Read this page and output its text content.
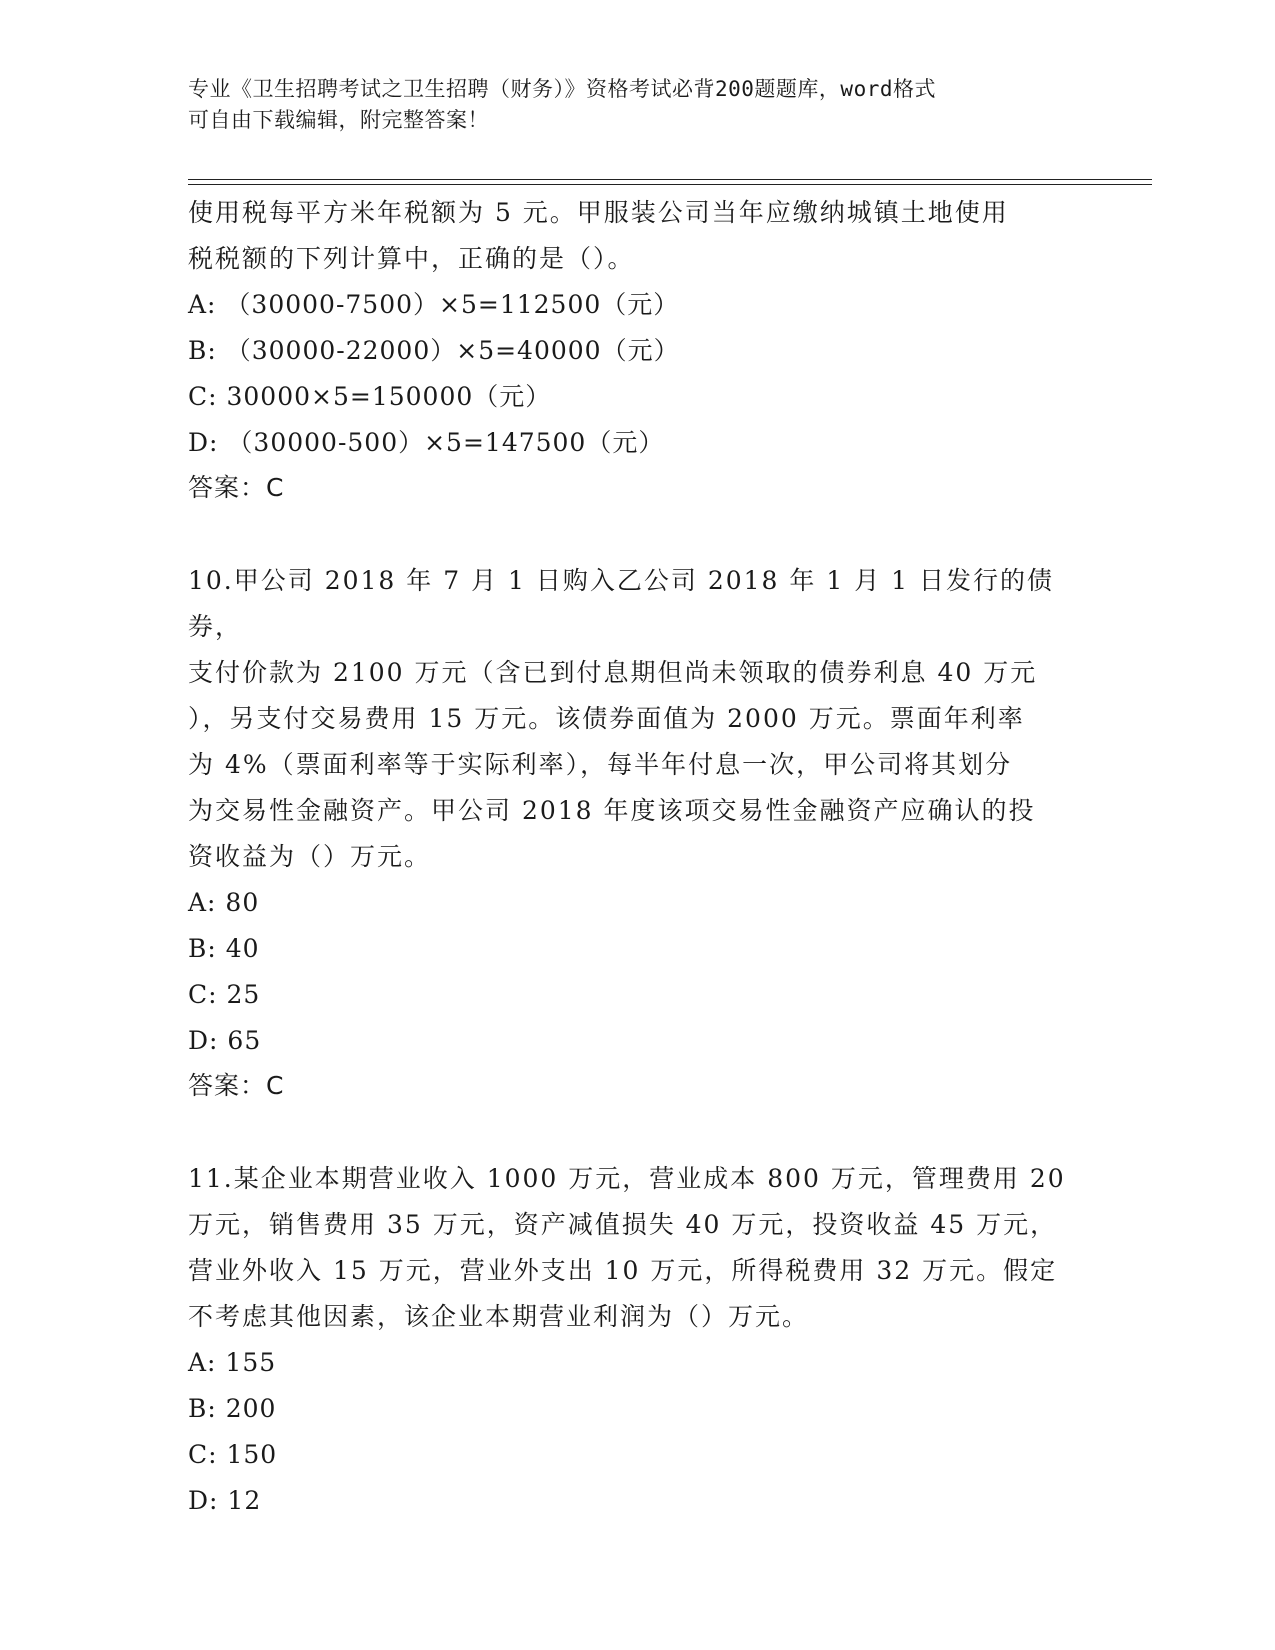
专业《卫生招聘考试之卫生招聘（财务）》资格考试必背200题题库，word格式
可自由下载编辑，附完整答案！

使用税每平方米年税额为 5 元。甲服装公司当年应缴纳城镇土地使用

税税额的下列计算中，正确的是（）。

A: （30000-7500）×5=112500（元）

B: （30000-22000）×5=40000（元）

C: 30000×5=150000（元）

D: （30000-500）×5=147500（元）

答案：C

10.甲公司 2018 年 7 月 1 日购入乙公司 2018 年 1 月 1 日发行的债券，

支付价款为 2100 万元（含已到付息期但尚未领取的债券利息 40 万元

），另支付交易费用 15 万元。该债券面值为 2000 万元。票面年利率

为 4%（票面利率等于实际利率），每半年付息一次，甲公司将其划分

为交易性金融资产。甲公司 2018 年度该项交易性金融资产应确认的投

资收益为（）万元。

A: 80

B: 40

C: 25

D: 65

答案：C

11.某企业本期营业收入 1000 万元，营业成本 800 万元，管理费用 20

万元，销售费用 35 万元，资产减值损失 40 万元，投资收益 45 万元，

营业外收入 15 万元，营业外支出 10 万元，所得税费用 32 万元。假定

不考虑其他因素，该企业本期营业利润为（）万元。

A: 155

B: 200

C: 150

D: 12
